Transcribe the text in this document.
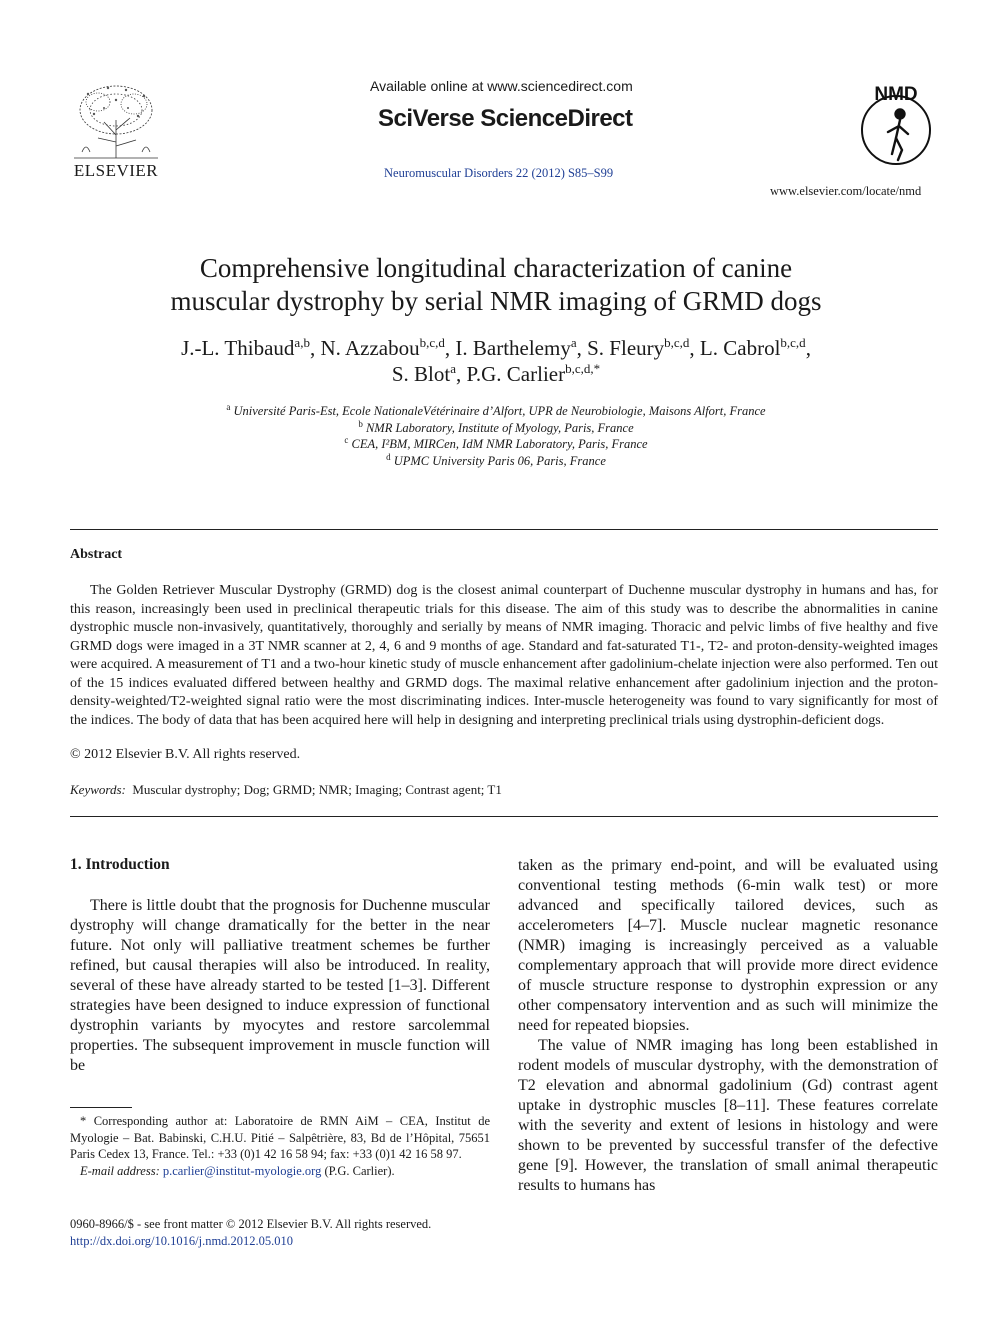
ELSEVIER
Available online at www.sciencedirect.com
SciVerse ScienceDirect
Neuromuscular Disorders 22 (2012) S85–S99
NMD
www.elsevier.com/locate/nmd
Comprehensive longitudinal characterization of canine
muscular dystrophy by serial NMR imaging of GRMD dogs
J.-L. Thibaud$^{a,b}$, N. Azzabou$^{b,c,d}$, I. Barthelemy$^a$, S. Fleury$^{b,c,d}$, L. Cabrol$^{b,c,d}$,
S. Blot$^a$, P.G. Carlier$^{b,c,d,*}$
$^a$ Université Paris-Est, Ecole NationaleVétérinaire d’Alfort, UPR de Neurobiologie, Maisons Alfort, France
$^b$ NMR Laboratory, Institute of Myology, Paris, France
$^c$ CEA, I²BM, MIRCen, IdM NMR Laboratory, Paris, France
$^d$ UPMC University Paris 06, Paris, France
Abstract

The Golden Retriever Muscular Dystrophy (GRMD) dog is the closest animal counterpart of Duchenne muscular dystrophy in humans and has, for this reason, increasingly been used in preclinical therapeutic trials for this disease. The aim of this study was to describe the abnormalities in canine dystrophic muscle non-invasively, quantitatively, thoroughly and serially by means of NMR imaging. Thoracic and pelvic limbs of five healthy and five GRMD dogs were imaged in a 3T NMR scanner at 2, 4, 6 and 9 months of age. Standard and fat-saturated T1-, T2- and proton-density-weighted images were acquired. A measurement of T1 and a two-hour kinetic study of muscle enhancement after gadolinium-chelate injection were also performed. Ten out of the 15 indices evaluated differed between healthy and GRMD dogs. The maximal relative enhancement after gadolinium injection and the proton-density-weighted/T2-weighted signal ratio were the most discriminating indices. Inter-muscle heterogeneity was found to vary significantly for most of the indices. The body of data that has been acquired here will help in designing and interpreting preclinical trials using dystrophin-deficient dogs.

© 2012 Elsevier B.V. All rights reserved.
Keywords: Muscular dystrophy; Dog; GRMD; NMR; Imaging; Contrast agent; T1
1. Introduction

There is little doubt that the prognosis for Duchenne muscular dystrophy will change dramatically for the better in the near future. Not only will palliative treatment schemes be further refined, but causal therapies will also be introduced. In reality, several of these have already started to be tested [1–3]. Different strategies have been designed to induce expression of functional dystrophin variants by myocytes and restore sarcolemmal properties. The subsequent improvement in muscle function will be

taken as the primary end-point, and will be evaluated using conventional testing methods (6-min walk test) or more advanced and specifically tailored devices, such as accelerometers [4–7]. Muscle nuclear magnetic resonance (NMR) imaging is increasingly perceived as a valuable complementary approach that will provide more direct evidence of muscle structure response to dystrophin expression or any other compensatory intervention and as such will minimize the need for repeated biopsies.

The value of NMR imaging has long been established in rodent models of muscular dystrophy, with the demonstration of T2 elevation and abnormal gadolinium (Gd) contrast agent uptake in dystrophic muscles [8–11]. These features correlate with the severity and extent of lesions in histology and were shown to be prevented by successful transfer of the defective gene [9]. However, the translation of small animal therapeutic results to humans has

* Corresponding author at: Laboratoire de RMN AiM – CEA, Institut de Myologie – Bat. Babinski, C.H.U. Pitié – Salpêtrière, 83, Bd de l’Hôpital, 75651 Paris Cedex 13, France. Tel.: +33 (0)1 42 16 58 94; fax: +33 (0)1 42 16 58 97.

E-mail address: p.carlier@institut-myologie.org (P.G. Carlier).

0960-8966/$ - see front matter © 2012 Elsevier B.V. All rights reserved.
http://dx.doi.org/10.1016/j.nmd.2012.05.010
